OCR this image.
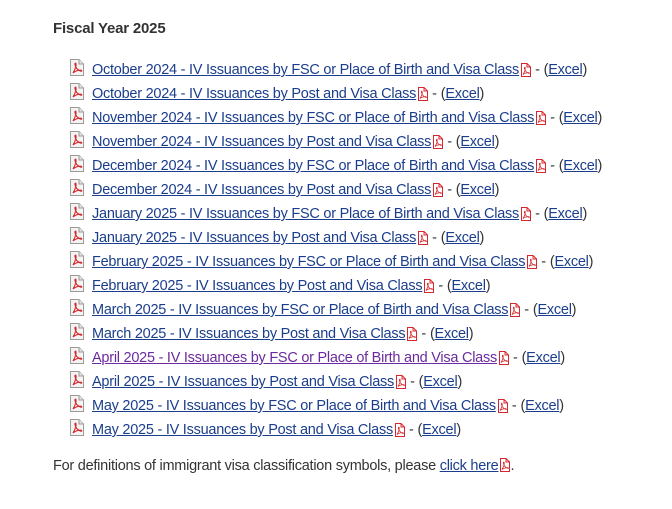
Fiscal Year 2025
October 2024 - IV Issuances by FSC or Place of Birth and Visa Class - ( Excel )
October 2024 - IV Issuances by Post and Visa Class - ( Excel )
November 2024 - IV Issuances by FSC or Place of Birth and Visa Class - ( Excel )
November 2024 - IV Issuances by Post and Visa Class - ( Excel )
December 2024 - IV Issuances by FSC or Place of Birth and Visa Class - ( Excel )
December 2024 - IV Issuances by Post and Visa Class - ( Excel )
January 2025 - IV Issuances by FSC or Place of Birth and Visa Class - ( Excel )
January 2025 - IV Issuances by Post and Visa Class - ( Excel )
February 2025 - IV Issuances by FSC or Place of Birth and Visa Class - ( Excel )
February 2025 - IV Issuances by Post and Visa Class - ( Excel )
March 2025 - IV Issuances by FSC or Place of Birth and Visa Class - ( Excel )
March 2025 - IV Issuances by Post and Visa Class - ( Excel )
April 2025 - IV Issuances by FSC or Place of Birth and Visa Class - ( Excel )
April 2025 - IV Issuances by Post and Visa Class - ( Excel )
May 2025 - IV Issuances by FSC or Place of Birth and Visa Class - ( Excel )
May 2025 - IV Issuances by Post and Visa Class - ( Excel )
For definitions of immigrant visa classification symbols, please click here .
